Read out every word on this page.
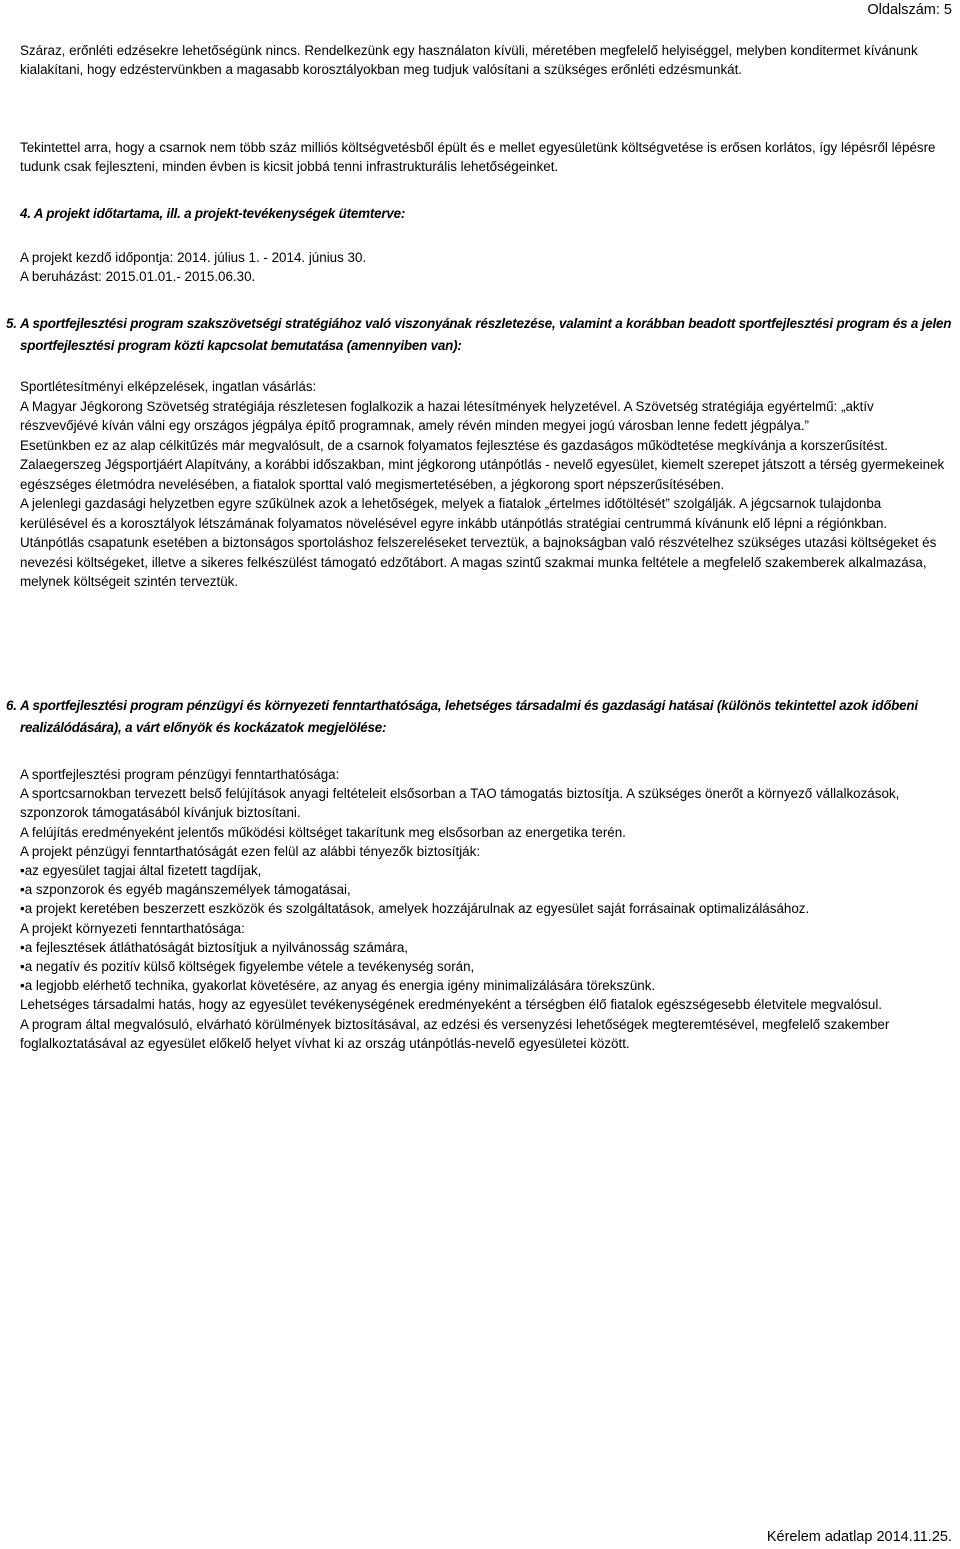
Oldalszám: 5

Száraz, erőnléti edzésekre lehetőségünk nincs. Rendelkezünk egy használaton kívüli, méretében megfelelő helyiséggel, melyben konditermet kívánunk kialakítani, hogy edzéstervünkben a magasabb korosztályokban meg tudjuk valósítani a szükséges erőnléti edzésmunkát.

Tekintettel arra, hogy a csarnok nem több száz milliós költségvetésből épült és e mellet egyesületünk költségvetése is erősen korlátos, így lépésről lépésre tudunk csak fejleszteni, minden évben is kicsit jobbá tenni infrastrukturális lehetőségeinket.

4. A projekt időtartama, ill. a projekt-tevékenységek ütemterve:

A projekt kezdő időpontja: 2014. július 1. - 2014. június 30.
A beruházást: 2015.01.01.- 2015.06.30.
5. A sportfejlesztési program szakszövetségi stratégiához való viszonyának részletezése, valamint a korábban beadott sportfejlesztési program és a jelen sportfejlesztési program közti kapcsolat bemutatása (amennyiben van):
Sportlétesítményi elképzelések, ingatlan vásárlás:
A Magyar Jégkorong Szövetség stratégiája részletesen foglalkozik a hazai létesítmények helyzetével. A Szövetség stratégiája egyértelmű: „aktív részvevőjévé kíván válni egy országos jégpálya építő programnak, amely révén minden megyei jogú városban lenne fedett jégpálya.”
Esetünkben ez az alap célkitűzés már megvalósult, de a csarnok folyamatos fejlesztése és gazdaságos működtetése megkívánja a korszerűsítést.
Zalaegerszeg Jégsportjáért Alapítvány, a korábbi időszakban, mint jégkorong utánpótlás - nevelő egyesület, kiemelt szerepet játszott a térség gyermekeinek egészséges életmódra nevelésében, a fiatalok sporttal való megismertetésében, a jégkorong sport népszerűsítésében.
A jelenlegi gazdasági helyzetben egyre szűkülnek azok a lehetőségek, melyek a fiatalok „értelmes időtöltését” szolgálják. A jégcsarnok tulajdonba kerülésével és a korosztályok létszámának folyamatos növelésével egyre inkább utánpótlás stratégiai centrummá kívánunk elő lépni a régiónkban.
Utánpótlás csapatunk esetében a biztonságos sportoláshoz felszereléseket terveztük, a bajnokságban való részvételhez szükséges utazási költségeket és nevezési költségeket, illetve a sikeres felkészülést támogató edzőtábort. A magas szintű szakmai munka feltétele a megfelelő szakemberek alkalmazása, melynek költségeit szintén terveztük.
6. A sportfejlesztési program pénzügyi és környezeti fenntarthatósága, lehetséges társadalmi és gazdasági hatásai (különös tekintettel azok időbeni realizálódására), a várt előnyök és kockázatok megjelölése:
A sportfejlesztési program pénzügyi fenntarthatósága:
A sportcsarnokban tervezett belső felújítások anyagi feltételeit elsősorban a TAO támogatás biztosítja. A szükséges önerőt a környező vállalkozások, szponzorok támogatásából kívánjuk biztosítani.
A felújítás eredményeként jelentős működési költséget takarítunk meg elsősorban az energetika terén.
A projekt pénzügyi fenntarthatóságát ezen felül az alábbi tényezők biztosítják:
•az egyesület tagjai által fizetett tagdíjak,
•a szponzorok és egyéb magánszemélyek támogatásai,
•a projekt keretében beszerzett eszközök és szolgáltatások, amelyek hozzájárulnak az egyesület saját forrásainak optimalizálásához.
A projekt környezeti fenntarthatósága:
•a fejlesztések átláthatóságát biztosítjuk a nyilvánosság számára,
•a negatív és pozitív külső költségek figyelembe vétele a tevékenység során,
•a legjobb elérhető technika, gyakorlat követésére, az anyag és energia igény minimalizálására törekszünk.
Lehetséges társadalmi hatás, hogy az egyesület tevékenységének eredményeként a térségben élő fiatalok egészségesebb életvitele megvalósul.
A program által megvalósuló, elvárható körülmények biztosításával, az edzési és versenyzési lehetőségek megteremtésével, megfelelő szakember foglalkoztatásával az egyesület előkelő helyet vívhat ki az ország utánpótlás-nevelő egyesületei között.
Kérelem adatlap 2014.11.25.
